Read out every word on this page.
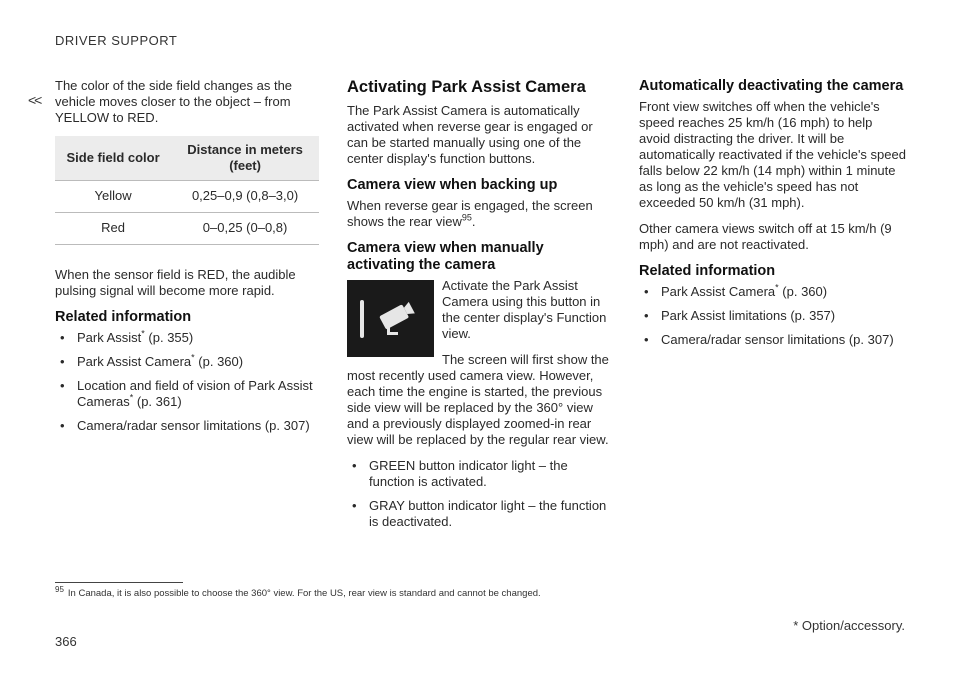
DRIVER SUPPORT
<<

The color of the side field changes as the vehicle moves closer to the object – from YELLOW to RED.

Side field color	Distance in meters (feet)
Yellow	0,25–0,9 (0,8–3,0)
Red	0–0,25 (0–0,8)

When the sensor field is RED, the audible pulsing signal will become more rapid.

Related information
• Park Assist* (p. 355)
• Park Assist Camera* (p. 360)
• Location and field of vision of Park Assist Cameras* (p. 361)
• Camera/radar sensor limitations (p. 307)
Activating Park Assist Camera

The Park Assist Camera is automatically activated when reverse gear is engaged or can be started manually using one of the center display's function buttons.

Camera view when backing up

When reverse gear is engaged, the screen shows the rear view$^{95}$.

Camera view when manually activating the camera

Activate the Park Assist Camera using this button in the center display's Function view.

The screen will first show the most recently used camera view. However, each time the engine is started, the previous side view will be replaced by the 360° view and a previously displayed zoomed-in rear view will be replaced by the regular rear view.

• GREEN button indicator light – the function is activated.
• GRAY button indicator light – the function is deactivated.
Automatically deactivating the camera

Front view switches off when the vehicle's speed reaches 25 km/h (16 mph) to help avoid distracting the driver. It will be automatically reactivated if the vehicle's speed falls below 22 km/h (14 mph) within 1 minute as long as the vehicle's speed has not exceeded 50 km/h (31 mph).

Other camera views switch off at 15 km/h (9 mph) and are not reactivated.

Related information
• Park Assist Camera* (p. 360)
• Park Assist limitations (p. 357)
• Camera/radar sensor limitations (p. 307)
$^{95}$ In Canada, it is also possible to choose the 360° view. For the US, rear view is standard and cannot be changed.
* Option/accessory.
366
